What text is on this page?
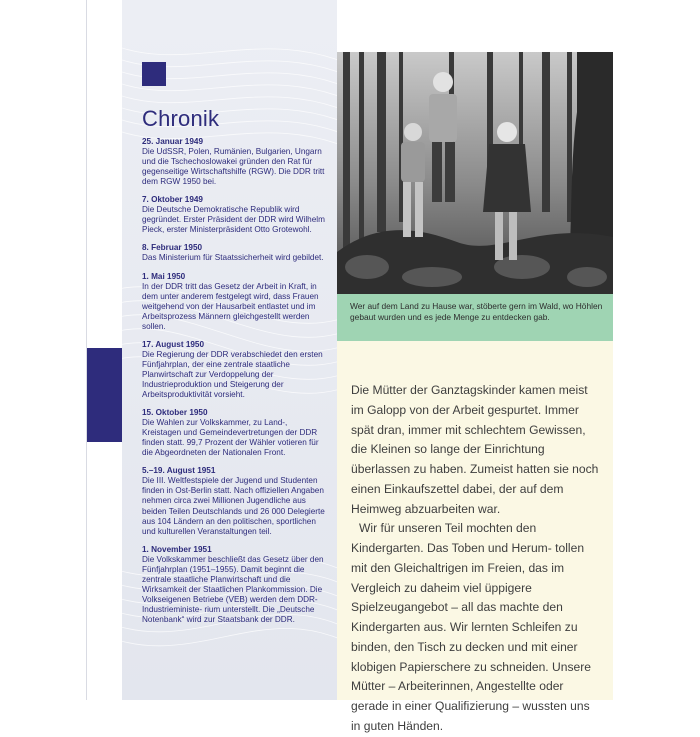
Chronik
25. Januar 1949
Die UdSSR, Polen, Rumänien, Bulgarien, Ungarn und die Tschechoslowakei gründen den Rat für gegenseitige Wirtschaftshilfe (RGW). Die DDR tritt dem RGW 1950 bei.
7. Oktober 1949
Die Deutsche Demokratische Republik wird gegründet. Erster Präsident der DDR wird Wilhelm Pieck, erster Ministerpräsident Otto Grotewohl.
8. Februar 1950
Das Ministerium für Staatssicherheit wird gebildet.
1. Mai 1950
In der DDR tritt das Gesetz der Arbeit in Kraft, in dem unter anderem festgelegt wird, dass Frauen weitgehend von der Hausarbeit entlastet und im Arbeitsprozess Männern gleichgestellt werden sollen.
17. August 1950
Die Regierung der DDR verabschiedet den ersten Fünfjahrplan, der eine zentrale staatliche Planwirtschaft zur Verdoppelung der Industrieproduktion und Steigerung der Arbeitsproduktivität vorsieht.
15. Oktober 1950
Die Wahlen zur Volkskammer, zu Land-, Kreistagen und Gemeindevertretungen der DDR finden statt. 99,7 Prozent der Wähler votieren für die Abgeordneten der Nationalen Front.
5.–19. August 1951
Die III. Weltfestspiele der Jugend und Studenten finden in Ost-Berlin statt. Nach offiziellen Angaben nehmen circa zwei Millionen Jugendliche aus beiden Teilen Deutschlands und 26 000 Delegierte aus 104 Ländern an den politischen, sportlichen und kulturellen Veranstaltungen teil.
1. November 1951
Die Volkskammer beschließt das Gesetz über den Fünfjahrplan (1951–1955). Damit beginnt die zentrale staatliche Planwirtschaft und die Wirksamkeit der Staatlichen Plankommission. Die Volkseigenen Betriebe (VEB) werden dem DDR-Industrieministe- rium unterstellt. Die „Deutsche Notenbank“ wird zur Staatsbank der DDR.
Wer auf dem Land zu Hause war, stöberte gern im Wald, wo Höhlen gebaut wurden und es jede Menge zu entdecken gab.

Die Mütter der Ganztagskinder kamen meist im Galopp von der Arbeit gespurtet. Immer spät dran, immer mit schlechtem Gewissen, die Kleinen so lange der Einrichtung überlassen zu haben. Zumeist hatten sie noch einen Einkaufszettel dabei, der auf dem Heimweg abzuarbeiten war.

Wir für unseren Teil mochten den Kindergarten. Das Toben und Herum- tollen mit den Gleichaltrigen im Freien, das im Vergleich zu daheim viel üppigere Spielzeugangebot – all das machte den Kindergarten aus. Wir lernten Schleifen zu binden, den Tisch zu decken und mit einer klobigen Papierschere zu schneiden. Unsere Mütter – Arbeiterinnen, Angestellte oder gerade in einer Qualifizierung – wussten uns in guten Händen.
